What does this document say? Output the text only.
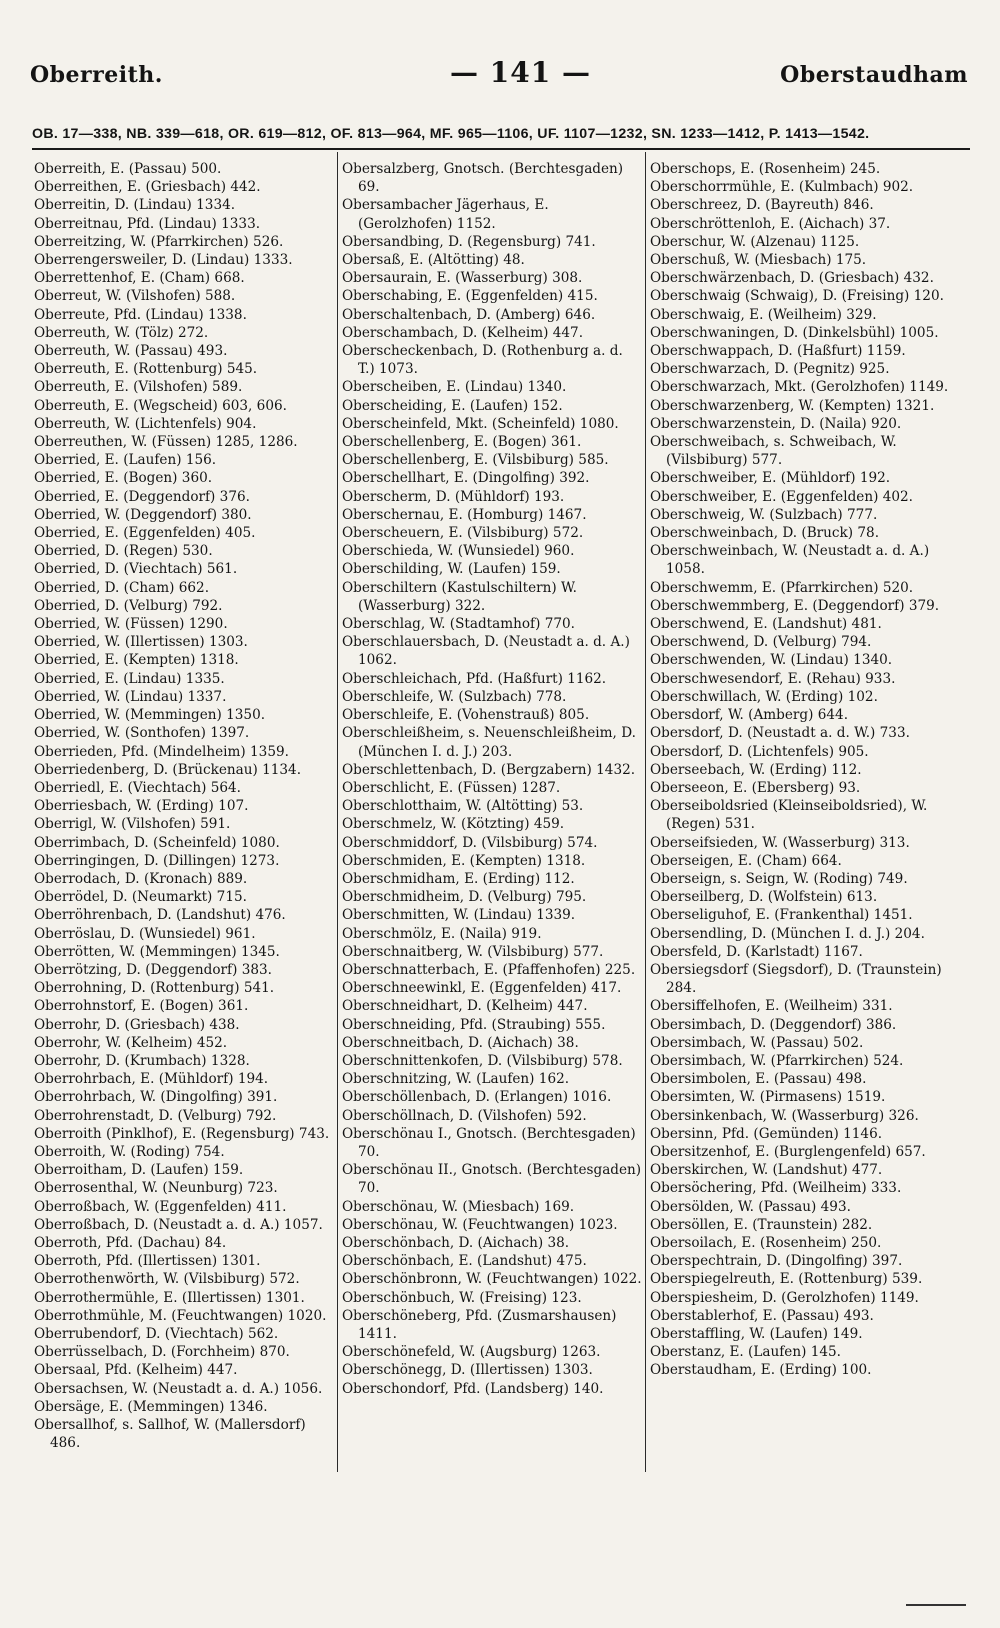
Oberreith.	— 141 —	Oberstaudham
OB. 17—338, NB. 339—618, OR. 619—812, OF. 813—964, MF. 965—1106, UF. 1107—1232, SN. 1233—1412, P. 1413—1542.
Oberreith, E. (Passau) 500.
Oberreithen, E. (Griesbach) 442.
Oberreitin, D. (Lindau) 1334.
Oberreitnau, Pfd. (Lindau) 1333.
Oberreitzing, W. (Pfarrkirchen) 526.
Oberrengersweiler, D. (Lindau) 1333.
Oberrettenhof, E. (Cham) 668.
Oberreut, W. (Vilshofen) 588.
Oberreute, Pfd. (Lindau) 1338.
Oberreuth, W. (Tölz) 272.
Oberreuth, W. (Passau) 493.
Oberreuth, E. (Rottenburg) 545.
Oberreuth, E. (Vilshofen) 589.
Oberreuth, E. (Wegscheid) 603, 606.
Oberreuth, W. (Lichtenfels) 904.
Oberreuthen, W. (Füssen) 1285, 1286.
Oberried, E. (Laufen) 156.
Oberried, E. (Bogen) 360.
Oberried, E. (Deggendorf) 376.
Oberried, W. (Deggendorf) 380.
Oberried, E. (Eggenfelden) 405.
Oberried, D. (Regen) 530.
Oberried, D. (Viechtach) 561.
Oberried, D. (Cham) 662.
Oberried, D. (Velburg) 792.
Oberried, W. (Füssen) 1290.
Oberried, W. (Illertissen) 1303.
Oberried, E. (Kempten) 1318.
Oberried, E. (Lindau) 1335.
Oberried, W. (Lindau) 1337.
Oberried, W. (Memmingen) 1350.
Oberried, W. (Sonthofen) 1397.
Oberrieden, Pfd. (Mindelheim) 1359.
Oberriedenberg, D. (Brückenau) 1134.
Oberriedl, E. (Viechtach) 564.
Oberriesbach, W. (Erding) 107.
Oberrigl, W. (Vilshofen) 591.
Oberrimbach, D. (Scheinfeld) 1080.
Oberringingen, D. (Dillingen) 1273.
Oberrodach, D. (Kronach) 889.
Oberrödel, D. (Neumarkt) 715.
Oberröhrenbach, D. (Landshut) 476.
Oberröslau, D. (Wunsiedel) 961.
Oberrötten, W. (Memmingen) 1345.
Oberrötzing, D. (Deggendorf) 383.
Oberrohning, D. (Rottenburg) 541.
Oberrohnstorf, E. (Bogen) 361.
Oberrohr, D. (Griesbach) 438.
Oberrohr, W. (Kelheim) 452.
Oberrohr, D. (Krumbach) 1328.
Oberrohrbach, E. (Mühldorf) 194.
Oberrohrbach, W. (Dingolfing) 391.
Oberrohrenstadt, D. (Velburg) 792.
Oberroith (Pinklhof), E. (Regensburg) 743.
Oberroith, W. (Roding) 754.
Oberroitham, D. (Laufen) 159.
Oberrosenthal, W. (Neunburg) 723.
Oberroßbach, W. (Eggenfelden) 411.
Oberroßbach, D. (Neustadt a. d. A.) 1057.
Oberroth, Pfd. (Dachau) 84.
Oberroth, Pfd. (Illertissen) 1301.
Oberrothenwörth, W. (Vilsbiburg) 572.
Oberrothermühle, E. (Illertissen) 1301.
Oberrothmühle, M. (Feuchtwangen) 1020.
Oberrubendorf, D. (Viechtach) 562.
Oberrüsselbach, D. (Forchheim) 870.
Obersaal, Pfd. (Kelheim) 447.
Obersachsen, W. (Neustadt a. d. A.) 1056.
Obersäge, E. (Memmingen) 1346.
Obersallhof, s. Sallhof, W. (Mallersdorf) 486.
Obersalzberg, Gnotsch. (Berchtesgaden) 69.
Obersambacher Jägerhaus, E. (Gerolzhofen) 1152.
Obersandbing, D. (Regensburg) 741.
Obersaß, E. (Altötting) 48.
Obersaurain, E. (Wasserburg) 308.
Oberschabing, E. (Eggenfelden) 415.
Oberschaltenbach, D. (Amberg) 646.
Oberschambach, D. (Kelheim) 447.
Oberscheckenbach, D. (Rothenburg a. d. T.) 1073.
Oberscheiben, E. (Lindau) 1340.
Oberscheiding, E. (Laufen) 152.
Oberscheinfeld, Mkt. (Scheinfeld) 1080.
Oberschellenberg, E. (Bogen) 361.
Oberschellenberg, E. (Vilsbiburg) 585.
Oberschellhart, E. (Dingolfing) 392.
Oberscherm, D. (Mühldorf) 193.
Oberschernau, E. (Homburg) 1467.
Oberscheuern, E. (Vilsbiburg) 572.
Oberschieda, W. (Wunsiedel) 960.
Oberschilding, W. (Laufen) 159.
Oberschiltern (Kastulschiltern) W. (Wasserburg) 322.
Oberschlag, W. (Stadtamhof) 770.
Oberschlauersbach, D. (Neustadt a. d. A.) 1062.
Oberschleichach, Pfd. (Haßfurt) 1162.
Oberschleife, W. (Sulzbach) 778.
Oberschleife, E. (Vohenstrauß) 805.
Oberschleißheim, s. Neuenschleißheim, D. (München I. d. J.) 203.
Oberschlettenbach, D. (Bergzabern) 1432.
Oberschlicht, E. (Füssen) 1287.
Oberschlotthaim, W. (Altötting) 53.
Oberschmelz, W. (Kötzting) 459.
Oberschmiddorf, D. (Vilsbiburg) 574.
Oberschmiden, E. (Kempten) 1318.
Oberschmidham, E. (Erding) 112.
Oberschmidheim, D. (Velburg) 795.
Oberschmitten, W. (Lindau) 1339.
Oberschmölz, E. (Naila) 919.
Oberschnaitberg, W. (Vilsbiburg) 577.
Oberschnatterbach, E. (Pfaffenhofen) 225.
Oberschneewinkl, E. (Eggenfelden) 417.
Oberschneidhart, D. (Kelheim) 447.
Oberschneiding, Pfd. (Straubing) 555.
Oberschneitbach, D. (Aichach) 38.
Oberschnittenkofen, D. (Vilsbiburg) 578.
Oberschnitzing, W. (Laufen) 162.
Oberschöllenbach, D. (Erlangen) 1016.
Oberschöllnach, D. (Vilshofen) 592.
Oberschönau I., Gnotsch. (Berchtesgaden) 70.
Oberschönau II., Gnotsch. (Berchtesgaden) 70.
Oberschönau, W. (Miesbach) 169.
Oberschönau, W. (Feuchtwangen) 1023.
Oberschönbach, D. (Aichach) 38.
Oberschönbach, E. (Landshut) 475.
Oberschönbronn, W. (Feuchtwangen) 1022.
Oberschönbuch, W. (Freising) 123.
Oberschöneberg, Pfd. (Zusmarshausen) 1411.
Oberschönefeld, W. (Augsburg) 1263.
Oberschönegg, D. (Illertissen) 1303.
Oberschondorf, Pfd. (Landsberg) 140.
Oberschops, E. (Rosenheim) 245.
Oberschorrmühle, E. (Kulmbach) 902.
Oberschreez, D. (Bayreuth) 846.
Oberschröttenloh, E. (Aichach) 37.
Oberschur, W. (Alzenau) 1125.
Oberschuß, W. (Miesbach) 175.
Oberschwärzenbach, D. (Griesbach) 432.
Oberschwaig (Schwaig), D. (Freising) 120.
Oberschwaig, E. (Weilheim) 329.
Oberschwaningen, D. (Dinkelsbühl) 1005.
Oberschwappach, D. (Haßfurt) 1159.
Oberschwarzach, D. (Pegnitz) 925.
Oberschwarzach, Mkt. (Gerolzhofen) 1149.
Oberschwarzenberg, W. (Kempten) 1321.
Oberschwarzenstein, D. (Naila) 920.
Oberschweibach, s. Schweibach, W. (Vilsbiburg) 577.
Oberschweiber, E. (Mühldorf) 192.
Oberschweiber, E. (Eggenfelden) 402.
Oberschweig, W. (Sulzbach) 777.
Oberschweinbach, D. (Bruck) 78.
Oberschweinbach, W. (Neustadt a. d. A.) 1058.
Oberschwemm, E. (Pfarrkirchen) 520.
Oberschwemmberg, E. (Deggendorf) 379.
Oberschwend, E. (Landshut) 481.
Oberschwend, D. (Velburg) 794.
Oberschwenden, W. (Lindau) 1340.
Oberschwesendorf, E. (Rehau) 933.
Oberschwillach, W. (Erding) 102.
Obersdorf, W. (Amberg) 644.
Obersdorf, D. (Neustadt a. d. W.) 733.
Obersdorf, D. (Lichtenfels) 905.
Oberseebach, W. (Erding) 112.
Oberseeon, E. (Ebersberg) 93.
Oberseiboldsried (Kleinseiboldsried), W. (Regen) 531.
Oberseifsieden, W. (Wasserburg) 313.
Oberseigen, E. (Cham) 664.
Oberseign, s. Seign, W. (Roding) 749.
Oberseilberg, D. (Wolfstein) 613.
Oberseliguhof, E. (Frankenthal) 1451.
Obersendling, D. (München I. d. J.) 204.
Obersfeld, D. (Karlstadt) 1167.
Obersiegsdorf (Siegsdorf), D. (Traunstein) 284.
Obersiffelhofen, E. (Weilheim) 331.
Obersimbach, D. (Deggendorf) 386.
Obersimbach, W. (Passau) 502.
Obersimbach, W. (Pfarrkirchen) 524.
Obersimbolen, E. (Passau) 498.
Obersimten, W. (Pirmasens) 1519.
Obersinkenbach, W. (Wasserburg) 326.
Obersinn, Pfd. (Gemünden) 1146.
Obersitzenhof, E. (Burglengenfeld) 657.
Oberskirchen, W. (Landshut) 477.
Obersöchering, Pfd. (Weilheim) 333.
Obersölden, W. (Passau) 493.
Obersöllen, E. (Traunstein) 282.
Obersoilach, E. (Rosenheim) 250.
Oberspechtrain, D. (Dingolfing) 397.
Oberspiegelreuth, E. (Rottenburg) 539.
Oberspiesheim, D. (Gerolzhofen) 1149.
Oberstablerhof, E. (Passau) 493.
Oberstaffling, W. (Laufen) 149.
Oberstanz, E. (Laufen) 145.
Oberstaudham, E. (Erding) 100.
